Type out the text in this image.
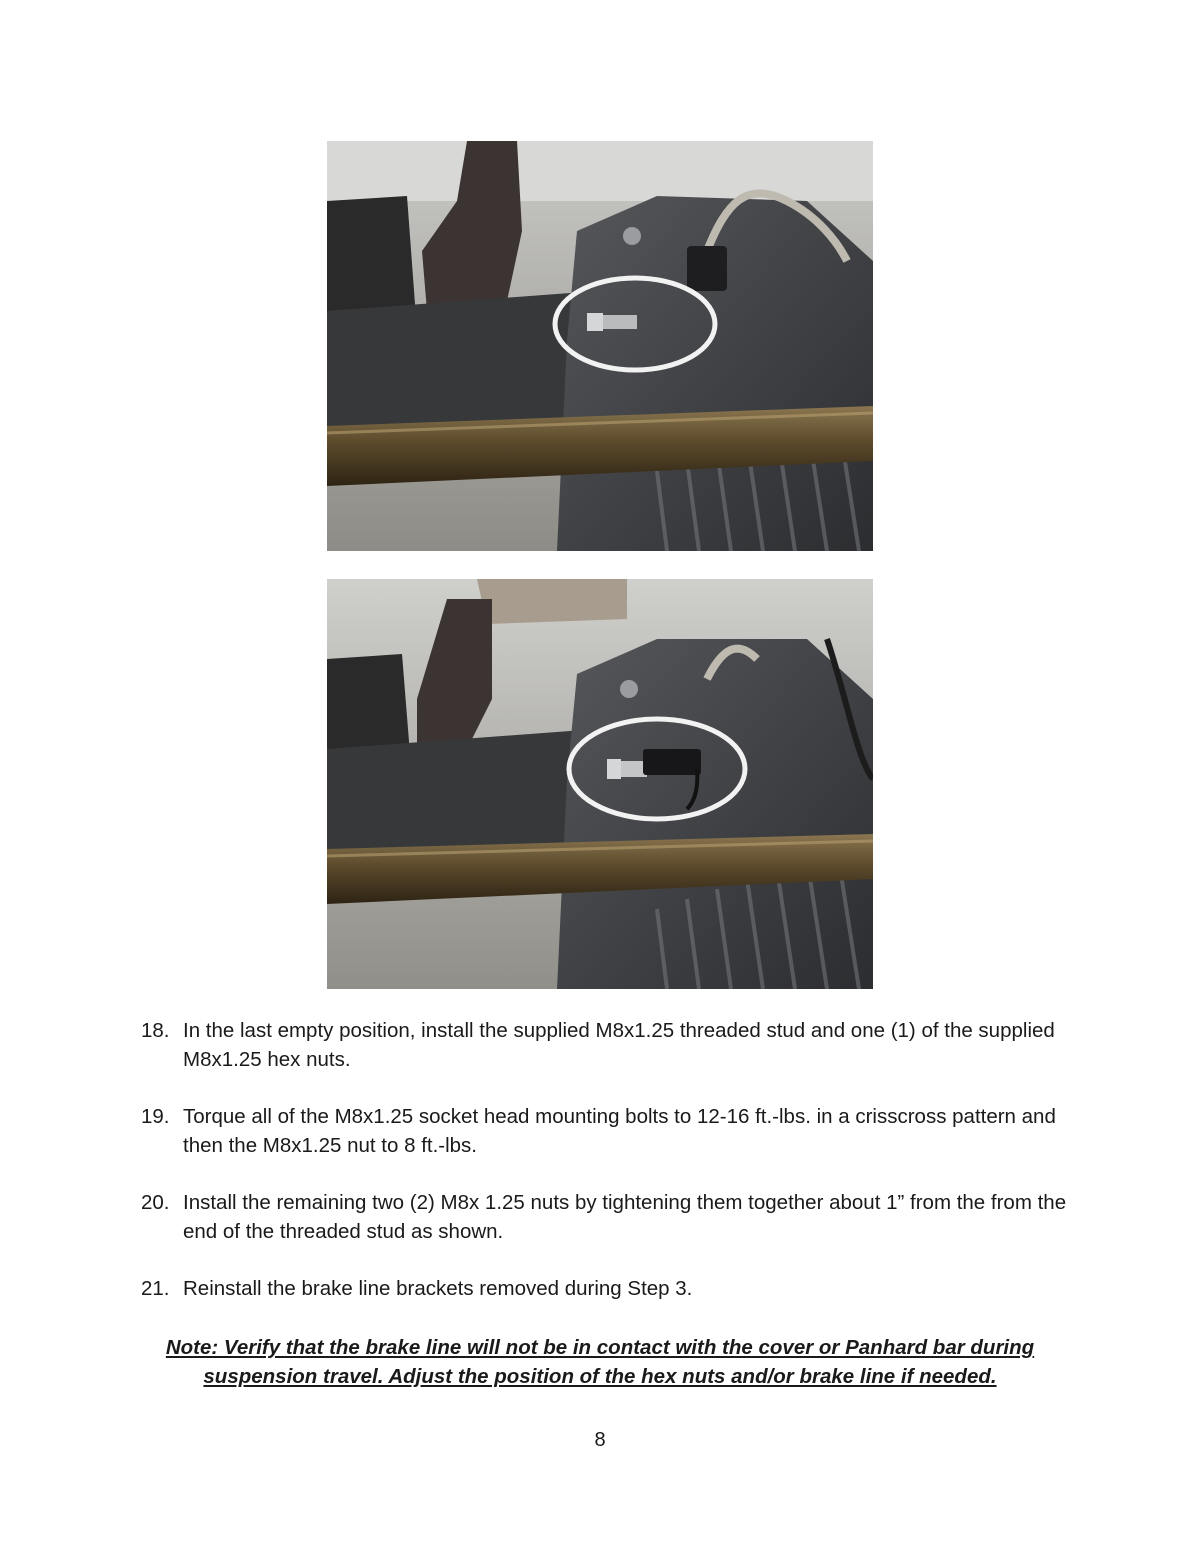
18. In the last empty position, install the supplied M8x1.25 threaded stud and one (1) of the supplied M8x1.25 hex nuts.
19. Torque all of the M8x1.25 socket head mounting bolts to 12-16 ft.-lbs. in a crisscross pattern and then the M8x1.25 nut to 8 ft.-lbs.
20. Install the remaining two (2) M8x 1.25 nuts by tightening them together about 1” from the from the end of the threaded stud as shown.
21. Reinstall the brake line brackets removed during Step 3.
Note: Verify that the brake line will not be in contact with the cover or Panhard bar during suspension travel. Adjust the position of the hex nuts and/or brake line if needed.
8
